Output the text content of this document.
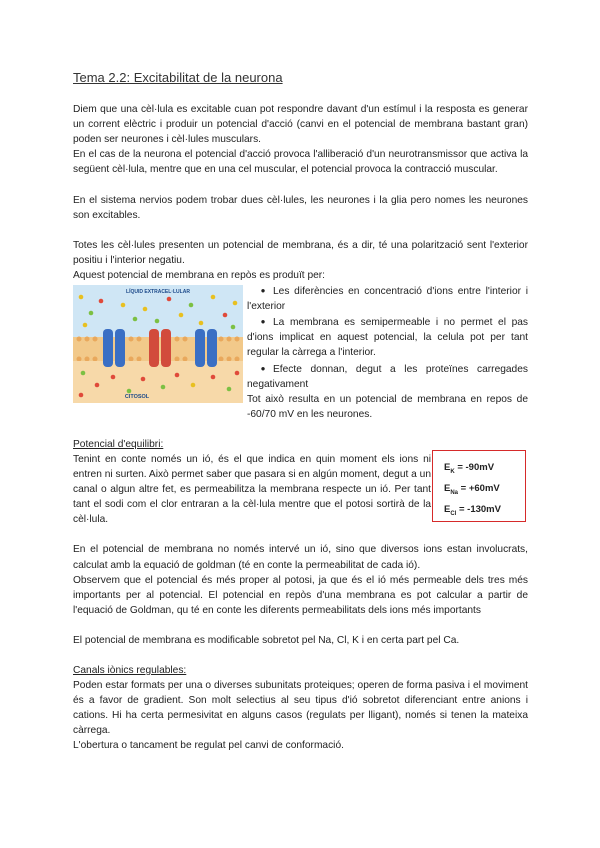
Tema 2.2: Excitabilitat de la neurona

Diem que una cèl·lula es excitable cuan pot respondre davant d'un estímul i la resposta es generar un corrent elèctric i produir un potencial d'acció (canvi en el potencial de membrana bastant gran) poden ser neurones i cèl·lules musculars.

En el cas de la neurona el potencial d'acció provoca l'alliberació d'un neurotransmissor que activa la següent cèl·lula, mentre que en una cel muscular, el potencial provoca la contracció muscular.

En el sistema nervios podem trobar dues cèl·lules, les neurones i la glia pero nomes les neurones son excitables.

Totes les cèl·lules presenten un potencial de membrana, és a dir, té una polarització sent l'exterior positiu i l'interior negatiu.

Aquest potencial de membrana en repòs es produït per:

LÍQUID EXTRACEL·LULAR
CITOSOL
● Les diferències en concentració d'ions entre l'interior i l'exterior
● La membrana es semipermeable i no permet el pas d'ions implicat en aquest potencial, la celula pot per tant regular la càrrega a l'interior.
● Efecte donnan, degut a les proteïnes carregades negativament

Tot això resulta en un potencial de membrana en repos de -60/70 mV en les neurones.

Potencial d'equilibri:

Tenint en conte només un ió, és el que indica en quin moment els ions ni entren ni surten. Això permet saber que pasara si en algún moment, degut a un canal o algun altre fet, es permeabilitza la membrana respecte un ió. Per tant tant el sodi com el clor entraran a la cèl·lula mentre que el potosi sortirà de la cèl·lula.

$E_K = -90mV$
$E_{Na} = +60mV$
$E_{Cl} = -130mV$

En el potencial de membrana no només intervé un ió, sino que diversos ions estan involucrats, calculat amb la equació de goldman (té en conte la permeabilitat de cada ió).

Observem que el potencial és més proper al potosi, ja que és el ió més permeable dels tres més importants per al potencial. El potencial en repòs d'una membrana es pot calcular a partir de l'equació de Goldman, qu té en conte les diferents permeabilitats dels ions més importants

El potencial de membrana es modificable sobretot pel Na, Cl, K i en certa part pel Ca.

Canals iònics regulables:

Poden estar formats per una o diverses subunitats proteiques; operen de forma pasiva i el moviment és a favor de gradient. Son molt selectius al seu tipus d'ió sobretot diferenciant entre anions i cations. Hi ha certa permesivitat en alguns casos (regulats per lligant), només si tenen la mateixa càrrega.

L'obertura o tancament be regulat pel canvi de conformació.
